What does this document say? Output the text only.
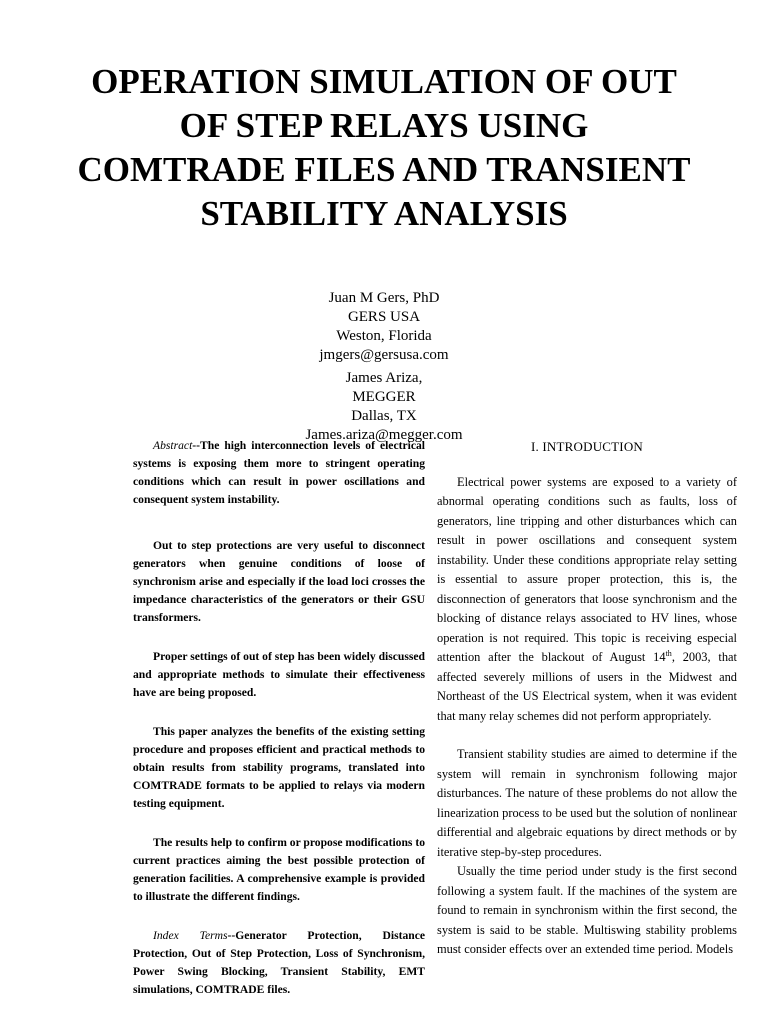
OPERATION SIMULATION OF OUT
OF STEP RELAYS USING
COMTRADE FILES AND TRANSIENT
STABILITY ANALYSIS
Juan M Gers, PhD
GERS USA
Weston, Florida
jmgers@gersusa.com
James Ariza,
MEGGER
Dallas, TX
James.ariza@megger.com

Abstract--The high interconnection levels of electrical systems is exposing them more to stringent operating conditions which can result in power oscillations and consequent system instability.

Out to step protections are very useful to disconnect generators when genuine conditions of loose of synchronism arise and especially if the load loci crosses the impedance characteristics of the generators or their GSU transformers.

Proper settings of out of step has been widely discussed and appropriate methods to simulate their effectiveness have are being proposed.

This paper analyzes the benefits of the existing setting procedure and proposes efficient and practical methods to obtain results from stability programs, translated into COMTRADE formats to be applied to relays via modern testing equipment.

The results help to confirm or propose modifications to current practices aiming the best possible protection of generation facilities. A comprehensive example is provided to illustrate the different findings.

Index Terms--Generator Protection, Distance Protection, Out of Step Protection, Loss of Synchronism, Power Swing Blocking, Transient Stability, EMT simulations, COMTRADE files.

I. INTRODUCTION

Electrical power systems are exposed to a variety of abnormal operating conditions such as faults, loss of generators, line tripping and other disturbances which can result in power oscillations and consequent system instability. Under these conditions appropriate relay setting is essential to assure proper protection, this is, the disconnection of generators that loose synchronism and the blocking of distance relays associated to HV lines, whose operation is not required. This topic is receiving especial attention after the blackout of August 14th, 2003, that affected severely millions of users in the Midwest and Northeast of the US Electrical system, when it was evident that many relay schemes did not perform appropriately.

Transient stability studies are aimed to determine if the system will remain in synchronism following major disturbances. The nature of these problems do not allow the linearization process to be used but the solution of nonlinear differential and algebraic equations by direct methods or by iterative step-by-step procedures.

Usually the time period under study is the first second following a system fault. If the machines of the system are found to remain in synchronism within the first second, the system is said to be stable. Multiswing stability problems must consider effects over an extended time period. Models
